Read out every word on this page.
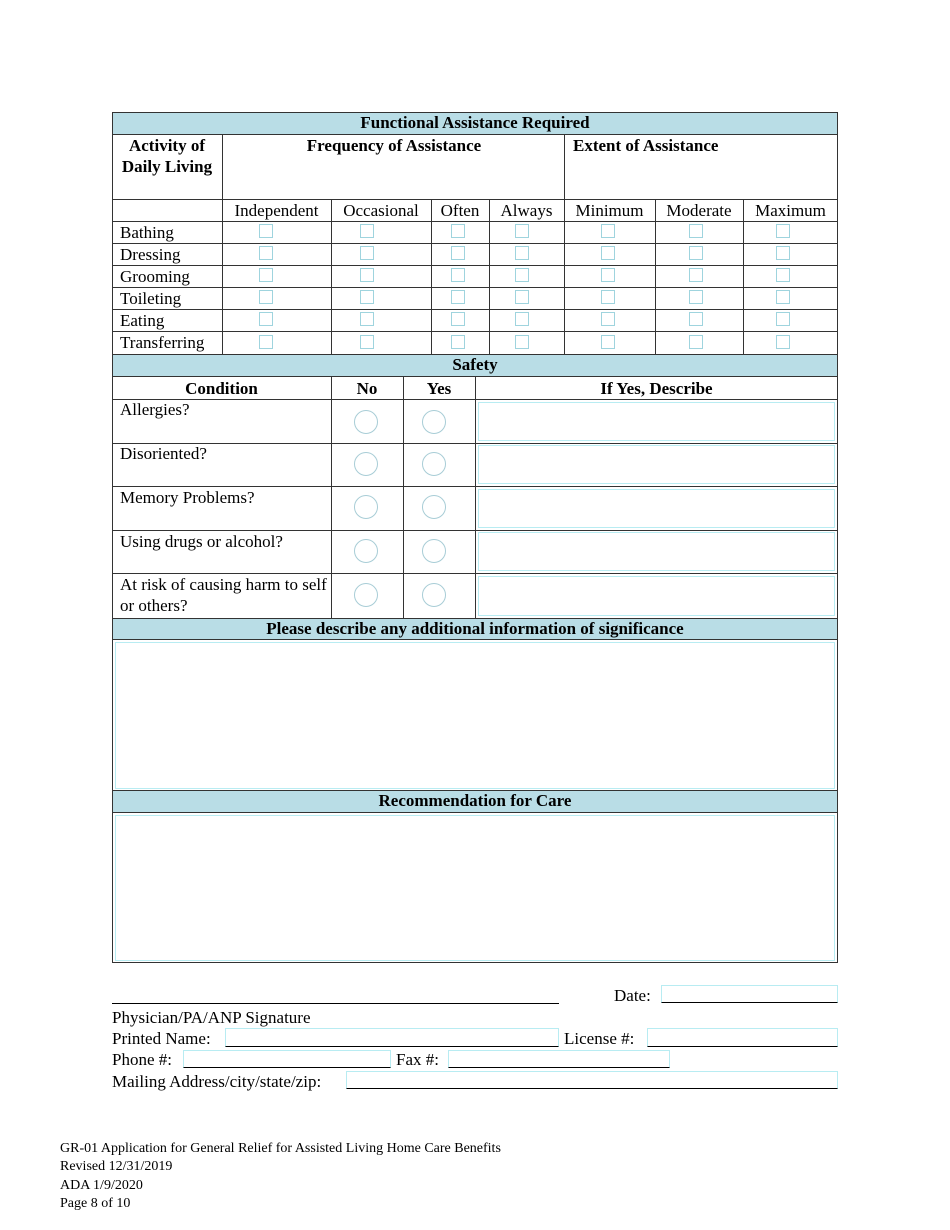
Functional Assistance Required
Activity of Daily Living
Frequency of Assistance	Extent of Assistance
Independent	Occasional	Often	Always	Minimum	Moderate	Maximum
Bathing
Dressing
Grooming
Toileting
Eating
Transferring
Safety
Condition	No	Yes	If Yes, Describe
Allergies?
Disoriented?
Memory Problems?
Using drugs or alcohol?
At risk of causing harm to self or others?
Please describe any additional information of significance
Recommendation for Care
Date:
Physician/PA/ANP Signature
Printed Name:	License #:
Phone #:	Fax #:
Mailing Address/city/state/zip:
GR-01 Application for General Relief for Assisted Living Home Care Benefits
Revised 12/31/2019
ADA 1/9/2020
Page 8 of 10
